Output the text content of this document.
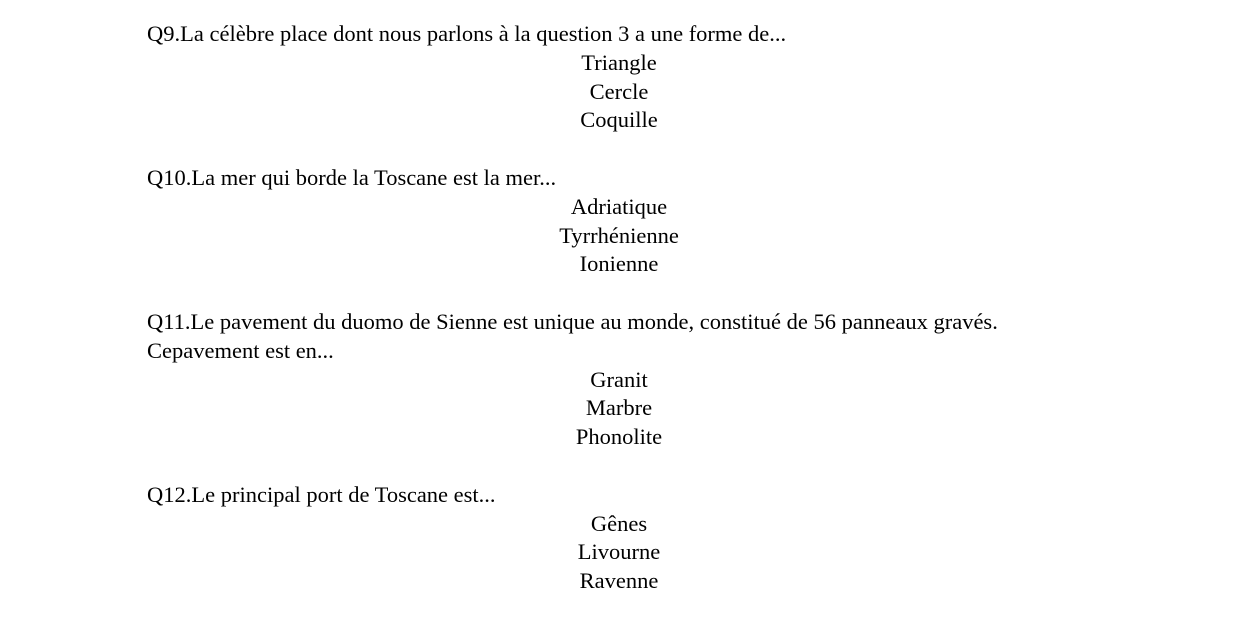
Q9.La célèbre place dont nous parlons à la question 3 a une forme de...

Triangle
Cercle
Coquille

Q10.La mer qui borde la Toscane est la mer...

Adriatique
Tyrrhénienne
Ionienne

Q11.Le pavement du duomo de Sienne est unique au monde, constitué de 56 panneaux gravés. Cepavement est en...

Granit
Marbre
Phonolite

Q12.Le principal port de Toscane est...

Gênes
Livourne
Ravenne
